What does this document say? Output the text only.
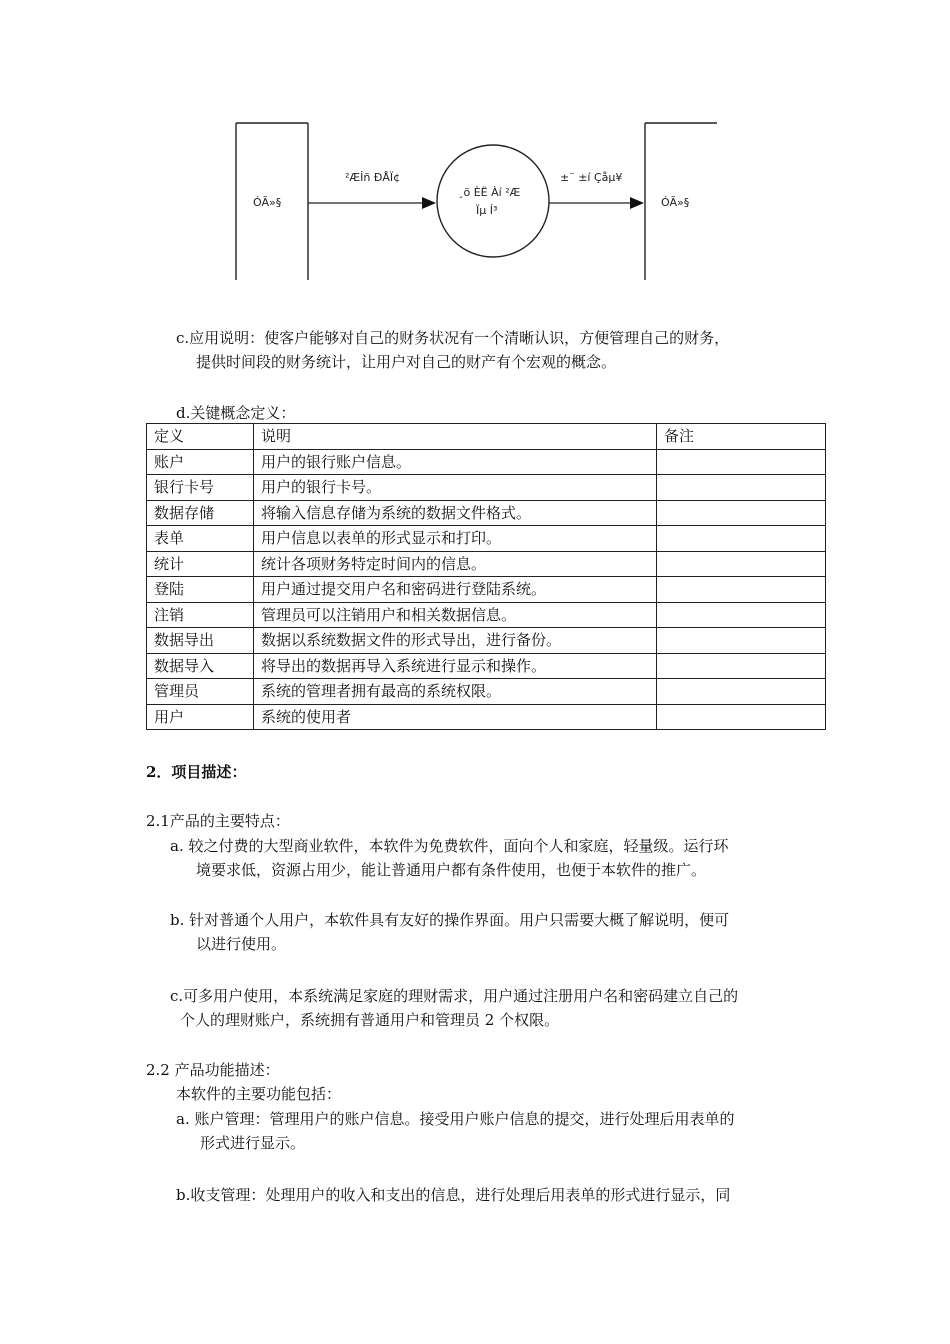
ÓÃ»§	ÓÃ»§
²Æİñ ĐÅÏ¢	±¨ ±í Çåµ¥
¸ö ÈË Àí ²Æ
Ïµ Í³
c.应用说明：使客户能够对自己的财务状况有一个清晰认识，方便管理自己的财务，
提供时间段的财务统计，让用户对自己的财产有个宏观的概念。
d.关键概念定义：
定义	说明	备注
账户	用户的银行账户信息。	
银行卡号	用户的银行卡号。	
数据存储	将输入信息存储为系统的数据文件格式。	
表单	用户信息以表单的形式显示和打印。	
统计	统计各项财务特定时间内的信息。	
登陆	用户通过提交用户名和密码进行登陆系统。	
注销	管理员可以注销用户和相关数据信息。	
数据导出	数据以系统数据文件的形式导出，进行备份。	
数据导入	将导出的数据再导入系统进行显示和操作。	
管理员	系统的管理者拥有最高的系统权限。	
用户	系统的使用者	
2．项目描述：
2.1产品的主要特点：
a. 较之付费的大型商业软件，本软件为免费软件，面向个人和家庭，轻量级。运行环
境要求低，资源占用少，能让普通用户都有条件使用，也便于本软件的推广。
b. 针对普通个人用户，本软件具有友好的操作界面。用户只需要大概了解说明，便可
以进行使用。
c.可多用户使用，本系统满足家庭的理财需求，用户通过注册用户名和密码建立自己的
个人的理财账户，系统拥有普通用户和管理员 2 个权限。
2.2 产品功能描述：
本软件的主要功能包括：
a. 账户管理：管理用户的账户信息。接受用户账户信息的提交，进行处理后用表单的
形式进行显示。
b.收支管理：处理用户的收入和支出的信息，进行处理后用表单的形式进行显示，同
